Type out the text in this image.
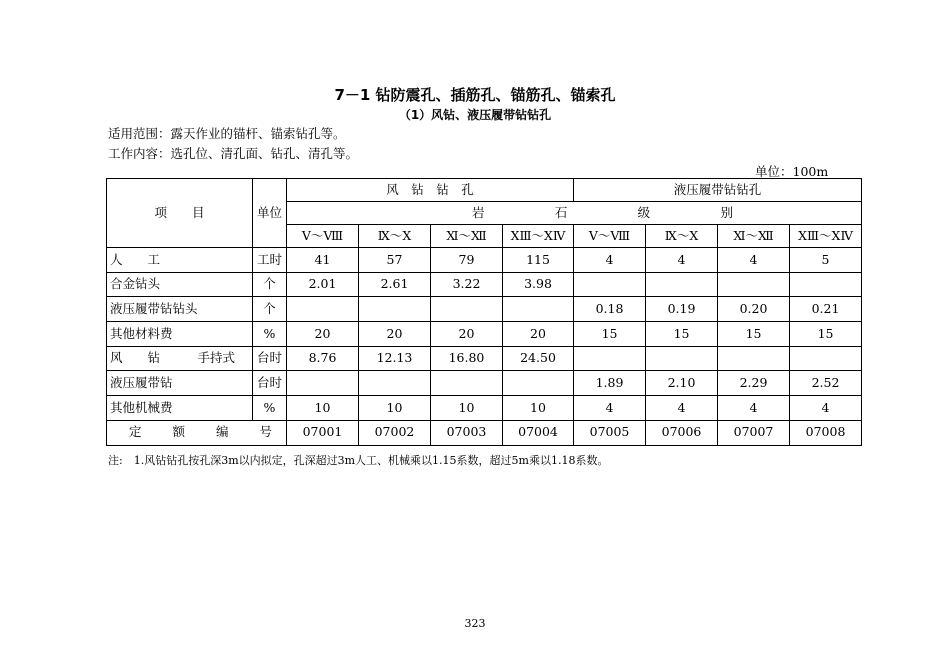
7－1 钻防震孔、插筋孔、锚筋孔、锚索孔
（1）风钻、液压履带钻钻孔
适用范围：露天作业的锚杆、锚索钻孔等。
工作内容：选孔位、清孔面、钻孔、清孔等。
单位：100m
项　　目	单位	风　钻　钻　孔				液压履带钻钻孔			

		岩 石 级 别							

		Ⅴ～Ⅷ	Ⅸ～Ⅹ	Ⅺ～Ⅻ	ⅩⅢ～ⅩⅣ	Ⅴ～Ⅷ	Ⅸ～Ⅹ	Ⅺ～Ⅻ	ⅩⅢ～ⅩⅣ
人　　工	工时	41	57	79	115	4	4	4	5
合金钻头	个	2.01	2.61	3.22	3.98				
液压履带钻钻头	个					0.18	0.19	0.20	0.21
其他材料费	%	20	20	20	20	15	15	15	15
风　　钻　　　手持式	台时	8.76	12.13	16.80	24.50				
液压履带钻	台时					1.89	2.10	2.29	2.52
其他机械费	%	10	10	10	10	4	4	4	4

定 额 编 号		07001	07002	07003	07004	07005	07006	07007	07008
注:　1.风钻钻孔按孔深3m以内拟定，孔深超过3m人工、机械乘以1.15系数，超过5m乘以1.18系数。
323
